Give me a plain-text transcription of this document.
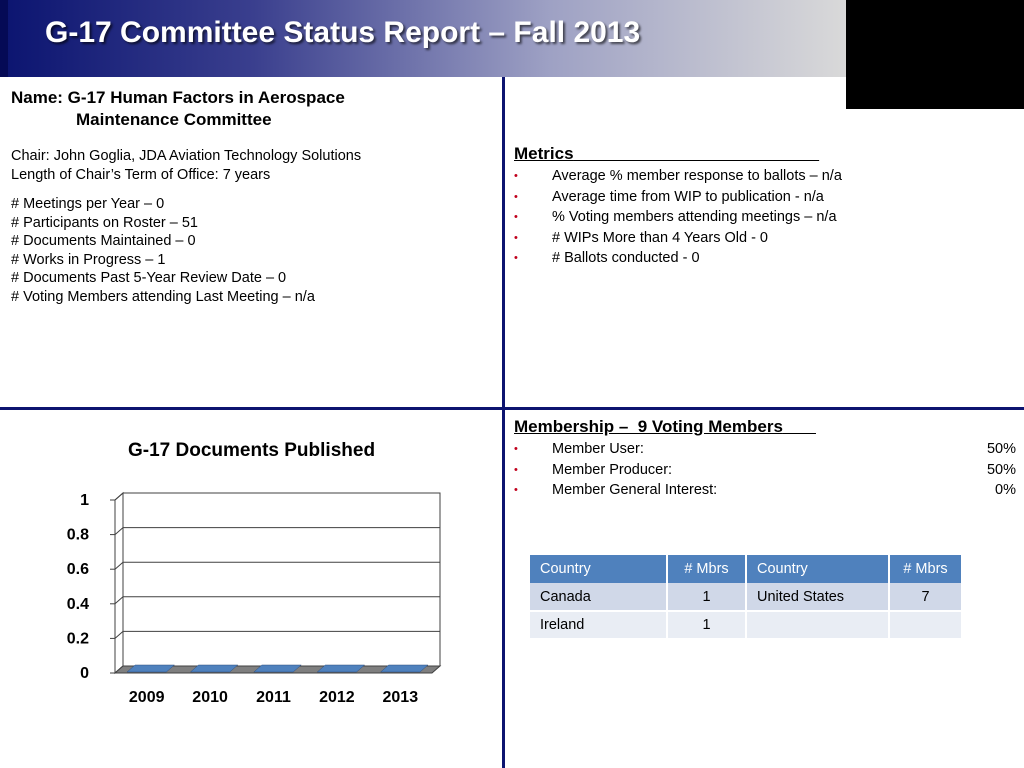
G-17 Committee Status Report – Fall 2013
Name: G-17 Human Factors in Aerospace
Maintenance Committee
Chair: John Goglia, JDA Aviation Technology Solutions
Length of Chair’s Term of Office: 7 years
# Meetings per Year – 0
# Participants on Roster – 51
# Documents Maintained – 0
# Works in Progress – 1
# Documents Past 5-Year Review Date – 0
# Voting Members attending Last Meeting – n/a
Metrics
• Average % member response to ballots – n/a
• Average time from WIP to publication - n/a
• % Voting members attending meetings – n/a
• # WIPs More than 4 Years Old - 0
• # Ballots conducted - 0
Membership –  9 Voting Members
• Member User:	50%
• Member Producer:	50%
• Member General Interest:	0%
Country	# Mbrs	Country	# Mbrs
Canada	1	United States	7
Ireland	1		
0
0.2
0.4
0.6
0.8
1
2009 2010 2011 2012 2013
G-17 Documents Published
